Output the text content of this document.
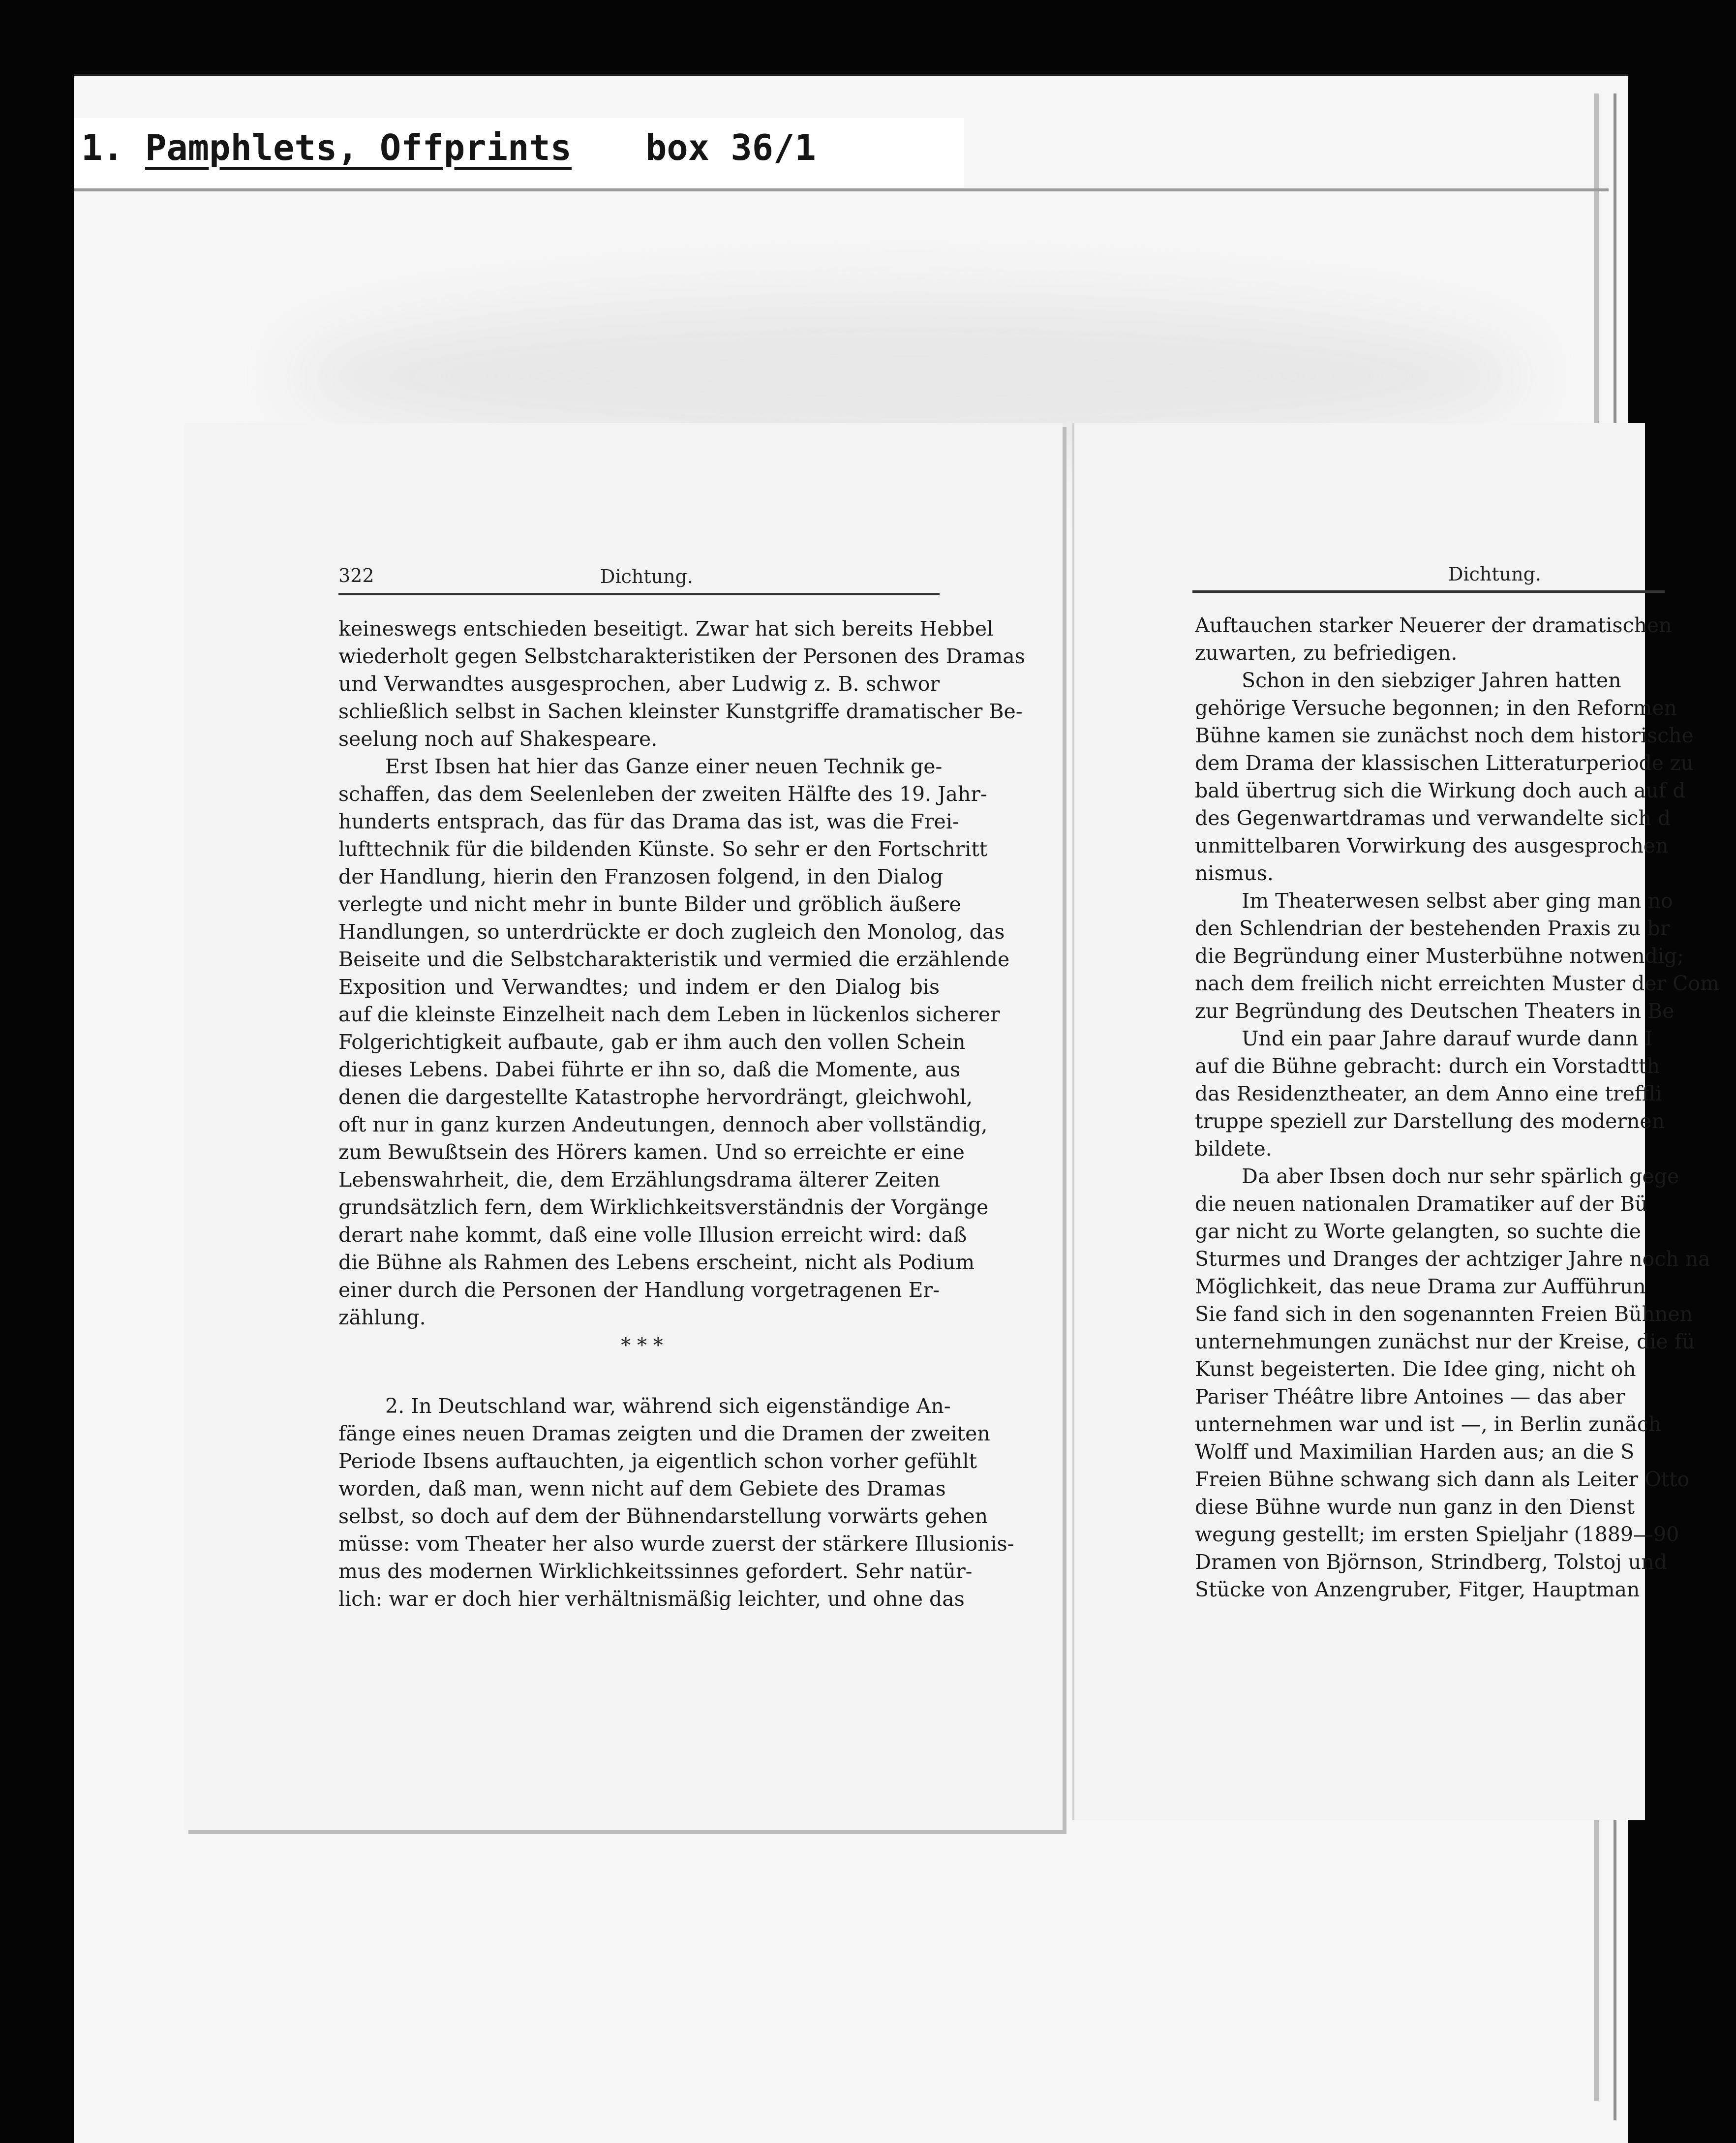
1. Pamphlets, Offprints box 36/1
322	Dichtung.
keineswegs entschieden beseitigt. Zwar hat sich bereits Hebbel
wiederholt gegen Selbstcharakteristiken der Personen des Dramas
und Verwandtes ausgesprochen, aber Ludwig z. B. schwor
schließlich selbst in Sachen kleinster Kunstgriffe dramatischer Be-
seelung noch auf Shakespeare.
Erst Ibsen hat hier das Ganze einer neuen Technik ge-
schaffen, das dem Seelenleben der zweiten Hälfte des 19. Jahr-
hunderts entsprach, das für das Drama das ist, was die Frei-
lufttechnik für die bildenden Künste. So sehr er den Fortschritt
der Handlung, hierin den Franzosen folgend, in den Dialog
verlegte und nicht mehr in bunte Bilder und gröblich äußere
Handlungen, so unterdrückte er doch zugleich den Monolog, das
Beiseite und die Selbstcharakteristik und vermied die erzählende
Exposition und Verwandtes; und indem er den Dialog bis
auf die kleinste Einzelheit nach dem Leben in lückenlos sicherer
Folgerichtigkeit aufbaute, gab er ihm auch den vollen Schein
dieses Lebens. Dabei führte er ihn so, daß die Momente, aus
denen die dargestellte Katastrophe hervordrängt, gleichwohl,
oft nur in ganz kurzen Andeutungen, dennoch aber vollständig,
zum Bewußtsein des Hörers kamen. Und so erreichte er eine
Lebenswahrheit, die, dem Erzählungsdrama älterer Zeiten
grundsätzlich fern, dem Wirklichkeitsverständnis der Vorgänge
derart nahe kommt, daß eine volle Illusion erreicht wird: daß
die Bühne als Rahmen des Lebens erscheint, nicht als Podium
einer durch die Personen der Handlung vorgetragenen Er-
zählung.
* * *
2. In Deutschland war, während sich eigenständige An-
fänge eines neuen Dramas zeigten und die Dramen der zweiten
Periode Ibsens auftauchten, ja eigentlich schon vorher gefühlt
worden, daß man, wenn nicht auf dem Gebiete des Dramas
selbst, so doch auf dem der Bühnendarstellung vorwärts gehen
müsse: vom Theater her also wurde zuerst der stärkere Illusionis-
mus des modernen Wirklichkeitssinnes gefordert. Sehr natür-
lich: war er doch hier verhältnismäßig leichter, und ohne das
Dichtung.
Auftauchen starker Neuerer der dramatischen
zuwarten, zu befriedigen.
Schon in den siebziger Jahren hatten
gehörige Versuche begonnen; in den Reformen
Bühne kamen sie zunächst noch dem historische
dem Drama der klassischen Litteraturperiode zu
bald übertrug sich die Wirkung doch auch auf d
des Gegenwartdramas und verwandelte sich d
unmittelbaren Vorwirkung des ausgesprochen
nismus.
Im Theaterwesen selbst aber ging man no
den Schlendrian der bestehenden Praxis zu br
die Begründung einer Musterbühne notwendig;
nach dem freilich nicht erreichten Muster der Com
zur Begründung des Deutschen Theaters in Be
Und ein paar Jahre darauf wurde dann I
auf die Bühne gebracht: durch ein Vorstadtth
das Residenztheater, an dem Anno eine treffli
truppe speziell zur Darstellung des modernen
bildete.
Da aber Ibsen doch nur sehr spärlich gege
die neuen nationalen Dramatiker auf der Bü
gar nicht zu Worte gelangten, so suchte die
Sturmes und Dranges der achtziger Jahre noch na
Möglichkeit, das neue Drama zur Aufführun
Sie fand sich in den sogenannten Freien Bühnen
unternehmungen zunächst nur der Kreise, die fü
Kunst begeisterten. Die Idee ging, nicht oh
Pariser Théâtre libre Antoines — das aber
unternehmen war und ist —, in Berlin zunäch
Wolff und Maximilian Harden aus; an die S
Freien Bühne schwang sich dann als Leiter Otto
diese Bühne wurde nun ganz in den Dienst
wegung gestellt; im ersten Spieljahr (1889—90
Dramen von Björnson, Strindberg, Tolstoj und
Stücke von Anzengruber, Fitger, Hauptman
